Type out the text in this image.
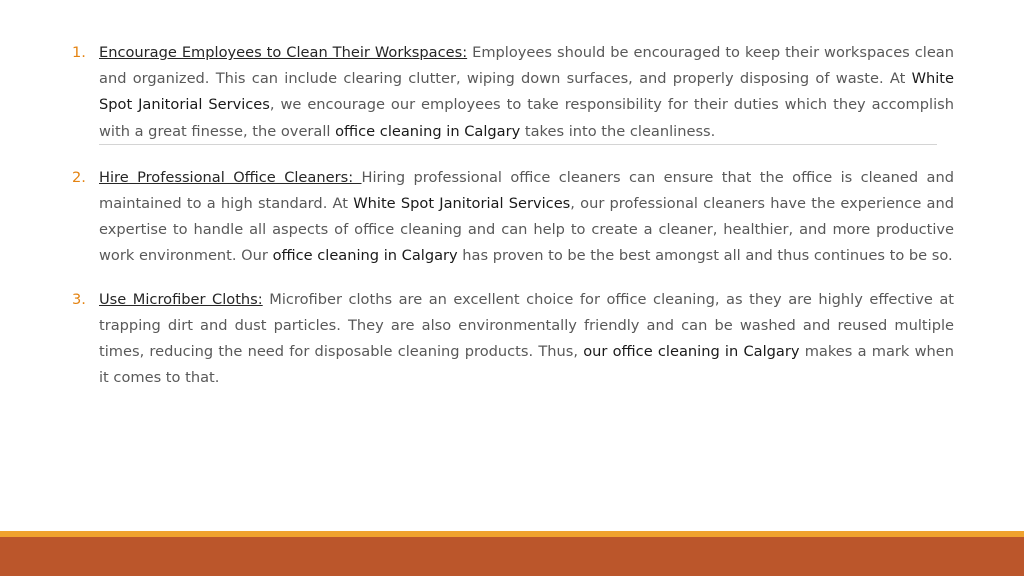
1. Encourage Employees to Clean Their Workspaces: Employees should be encouraged to keep their workspaces clean and organized. This can include clearing clutter, wiping down surfaces, and properly disposing of waste. At White Spot Janitorial Services, we encourage our employees to take responsibility for their duties which they accomplish with a great finesse, the overall office cleaning in Calgary takes into the cleanliness.
2. Hire Professional Office Cleaners: Hiring professional office cleaners can ensure that the office is cleaned and maintained to a high standard. At White Spot Janitorial Services, our professional cleaners have the experience and expertise to handle all aspects of office cleaning and can help to create a cleaner, healthier, and more productive work environment. Our office cleaning in Calgary has proven to be the best amongst all and thus continues to be so.
3. Use Microfiber Cloths: Microfiber cloths are an excellent choice for office cleaning, as they are highly effective at trapping dirt and dust particles. They are also environmentally friendly and can be washed and reused multiple times, reducing the need for disposable cleaning products. Thus, our office cleaning in Calgary makes a mark when it comes to that.
